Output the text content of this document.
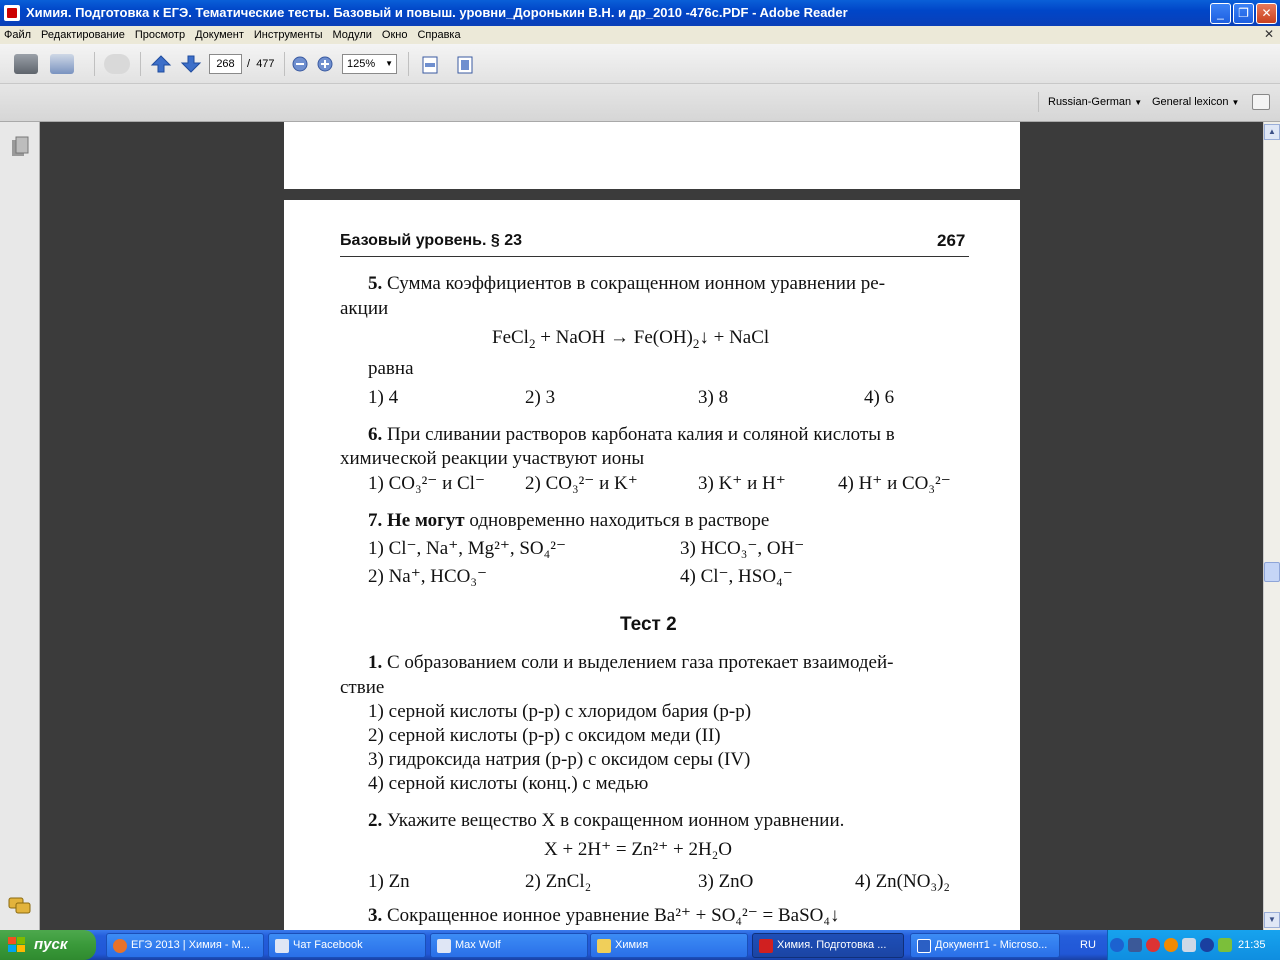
Химия. Подготовка к ЕГЭ. Тематические тесты. Базовый и повыш. уровни_Доронькин В.Н. и др_2010 -476с.PDF - Adobe Reader	_	❐	✕
Файл Редактирование Просмотр Документ Инструменты Модули Окно Справка	✕
268	/ 477	125% ▼
Russian-German ▼ General lexicon ▼
▲
▼
Базовый уровень. § 23	267
5. Сумма коэффициентов в сокращенном ионном уравнении ре-
акции
FeCl$_2$ + NaOH → $Fe(OH)_2↓$ + NaCl
равна
1) 4	2) 3	3) 8	4) 6
6. При сливании растворов карбоната калия и соляной кислоты в
химической реакции участвуют ионы
1) CO₃²⁻ и Cl⁻ 2) CO₃²⁻ и K⁺	3) K⁺ и H⁺	4) H⁺ и CO₃²⁻
7. Не могут одновременно находиться в растворе
1) Cl⁻, Na⁺, Mg²⁺, SO₄²⁻	3) HCO₃⁻, OH⁻
2) Na⁺, HCO₃⁻	4) Cl⁻, HSO₄⁻
Тест 2
1. С образованием соли и выделением газа протекает взаимодей-
ствие
1) серной кислоты (р-р) с хлоридом бария (р-р)
2) серной кислоты (р-р) с оксидом меди (II)
3) гидроксида натрия (р-р) с оксидом серы (IV)
4) серной кислоты (конц.) с медью
2. Укажите вещество Х в сокращенном ионном уравнении.
X + 2H⁺ = Zn²⁺ + 2H₂O
1) Zn	2) ZnCl₂	3) ZnO	4) Zn(NO₃)₂
3. Сокращенное ионное уравнение Ba²⁺ + SO₄²⁻ = BaSO₄↓
пуск	ЕГЭ 2013 | Химия - M...	Чат Facebook	Max Wolf	Химия	Химия. Подготовка ...	Документ1 - Microso...	RU	21:35
